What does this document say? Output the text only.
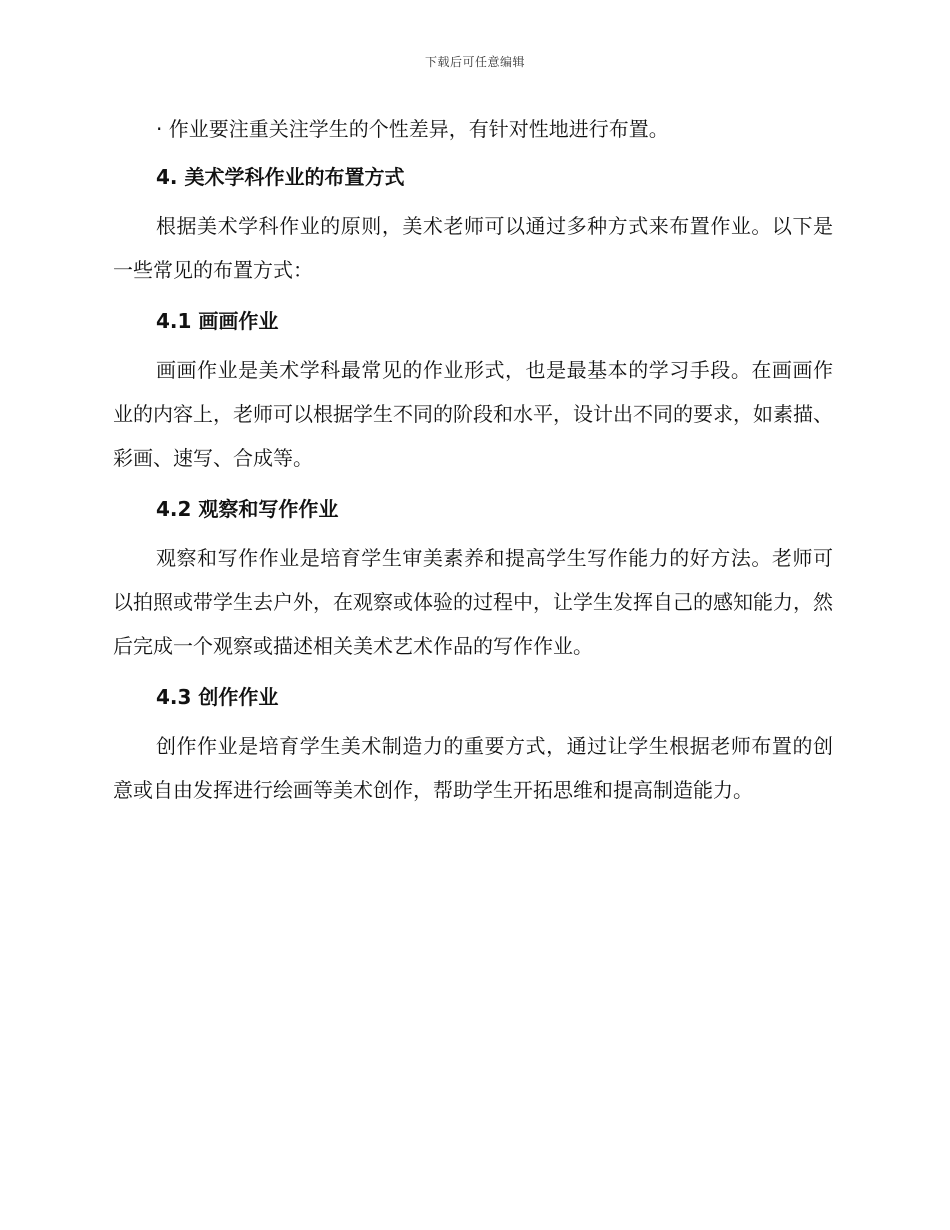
下载后可任意编辑

· 作业要注重关注学生的个性差异，有针对性地进行布置。

4. 美术学科作业的布置方式

根据美术学科作业的原则，美术老师可以通过多种方式来布置作业。以下是一些常见的布置方式：

4.1 画画作业

画画作业是美术学科最常见的作业形式，也是最基本的学习手段。在画画作业的内容上，老师可以根据学生不同的阶段和水平，设计出不同的要求，如素描、彩画、速写、合成等。

4.2 观察和写作作业

观察和写作作业是培育学生审美素养和提高学生写作能力的好方法。老师可以拍照或带学生去户外，在观察或体验的过程中，让学生发挥自己的感知能力，然后完成一个观察或描述相关美术艺术作品的写作作业。

4.3 创作作业

创作作业是培育学生美术制造力的重要方式，通过让学生根据老师布置的创意或自由发挥进行绘画等美术创作，帮助学生开拓思维和提高制造能力。
